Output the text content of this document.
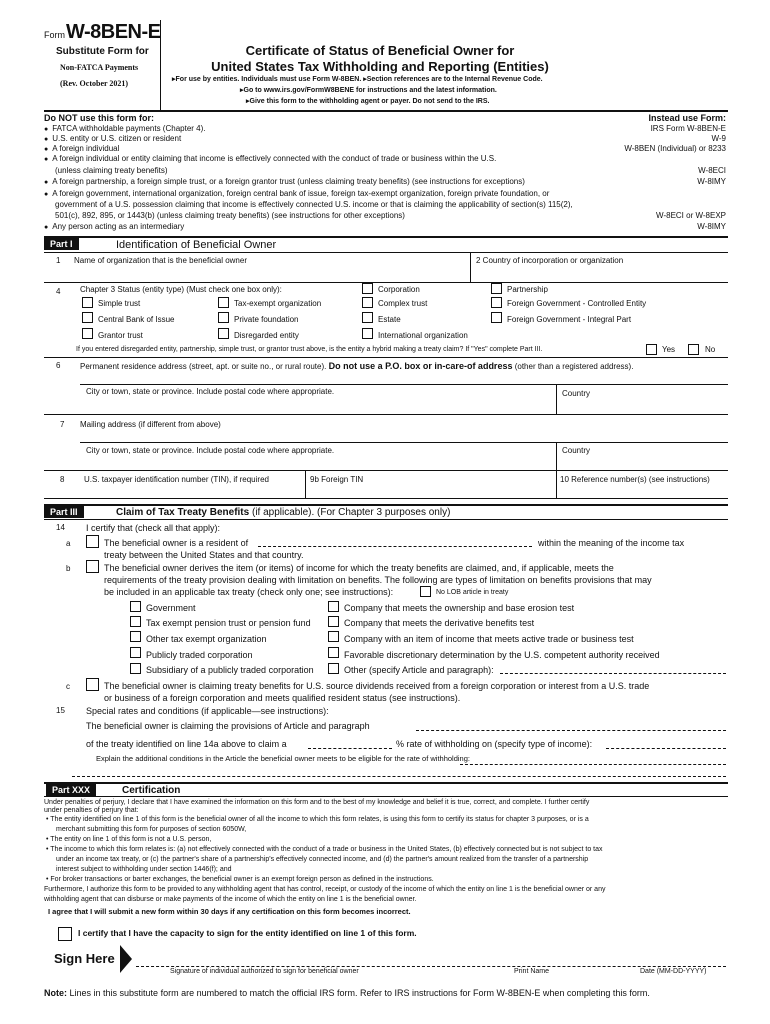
Form W-8BEN-E
Substitute Form for
Non-FATCA Payments
(Rev. October 2021)
Certificate of Status of Beneficial Owner for
United States Tax Withholding and Reporting (Entities)
▸For use by entities. Individuals must use Form W-8BEN. ▸Section references are to the Internal Revenue Code.
▸Go to www.irs.gov/FormW8BENE for instructions and the latest information.
▸Give this form to the withholding agent or payer. Do not send to the IRS.
Do NOT use this form for:	Instead use Form:
● FATCA withholdable payments (Chapter 4).	IRS Form W-8BEN-E
● U.S. entity or U.S. citizen or resident	W-9
● A foreign individual	W-8BEN (Individual) or 8233
● A foreign individual or entity claiming that income is effectively connected with the conduct of trade or business within the U.S.
(unless claiming treaty benefits)	W-8ECI
● A foreign partnership, a foreign simple trust, or a foreign grantor trust (unless claiming treaty benefits) (see instructions for exceptions)	W-8IMY
● A foreign government, international organization, foreign central bank of issue, foreign tax-exempt organization, foreign private foundation, or
government of a U.S. possession claiming that income is effectively connected U.S. income or that is claiming the applicability of section(s) 115(2),
501(c), 892, 895, or 1443(b) (unless claiming treaty benefits) (see instructions for other exceptions)	W-8ECI or W-8EXP
● Any person acting as an intermediary	W-8IMY
Part I	Identification of Beneficial Owner
1 Name of organization that is the beneficial owner	2 Country of incorporation or organization
4 Chapter 3 Status (entity type) (Must check one box only):	Corporation	Partnership
Simple trust	Tax-exempt organization	Complex trust	Foreign Government - Controlled Entity
Central Bank of Issue	Private foundation	Estate	Foreign Government - Integral Part
Grantor trust	Disregarded entity	International organization
If you entered disregarded entity, partnership, simple trust, or grantor trust above, is the entity a hybrid making a treaty claim? If "Yes" complete Part III.	Yes	No
6 Permanent residence address (street, apt. or suite no., or rural route). Do not use a P.O. box or in-care-of address (other than a registered address).
City or town, state or province. Include postal code where appropriate.	Country
7 Mailing address (if different from above)
City or town, state or province. Include postal code where appropriate.	Country
8 U.S. taxpayer identification number (TIN), if required	9b Foreign TIN	10 Reference number(s) (see instructions)
Part III	Claim of Tax Treaty Benefits (if applicable). (For Chapter 3 purposes only)
14 I certify that (check all that apply):
a	The beneficial owner is a resident of	within the meaning of the income tax
treaty between the United States and that country.
b	The beneficial owner derives the item (or items) of income for which the treaty benefits are claimed, and, if applicable, meets the
requirements of the treaty provision dealing with limitation on benefits. The following are types of limitation on benefits provisions that may
be included in an applicable tax treaty (check only one; see instructions):	No LOB article in treaty
Government	Company that meets the ownership and base erosion test
Tax exempt pension trust or pension fund	Company that meets the derivative benefits test
Other tax exempt organization	Company with an item of income that meets active trade or business test
Publicly traded corporation	Favorable discretionary determination by the U.S. competent authority received
Subsidiary of a publicly traded corporation	Other (specify Article and paragraph):
c	The beneficial owner is claiming treaty benefits for U.S. source dividends received from a foreign corporation or interest from a U.S. trade
or business of a foreign corporation and meets qualified resident status (see instructions).
15 Special rates and conditions (if applicable—see instructions):
The beneficial owner is claiming the provisions of Article and paragraph
of the treaty identified on line 14a above to claim a	% rate of withholding on (specify type of income):
Explain the additional conditions in the Article the beneficial owner meets to be eligible for the rate of withholding:
Part XXX	Certification
Under penalties of perjury, I declare that I have examined the information on this form and to the best of my knowledge and belief it is true, correct, and complete. I further certify
under penalties of perjury that:
• The entity identified on line 1 of this form is the beneficial owner of all the income to which this form relates, is using this form to certify its status for chapter 3 purposes, or is a
merchant submitting this form for purposes of section 6050W,
• The entity on line 1 of this form is not a U.S. person,
• The income to which this form relates is: (a) not effectively connected with the conduct of a trade or business in the United States, (b) effectively connected but is not subject to tax
under an income tax treaty, or (c) the partner's share of a partnership's effectively connected income, and (d) the partner's amount realized from the transfer of a partnership
interest subject to withholding under section 1446(f); and
• For broker transactions or barter exchanges, the beneficial owner is an exempt foreign person as defined in the instructions.
Furthermore, I authorize this form to be provided to any withholding agent that has control, receipt, or custody of the income of which the entity on line 1 is the beneficial owner or any
withholding agent that can disburse or make payments of the income of which the entity on line 1 is the beneficial owner.
I agree that I will submit a new form within 30 days if any certification on this form becomes incorrect.
I certify that I have the capacity to sign for the entity identified on line 1 of this form.
Sign Here
Signature of individual authorized to sign for beneficial owner	Print Name	Date (MM-DD-YYYY)
Note: Lines in this substitute form are numbered to match the official IRS form. Refer to IRS instructions for Form W-8BEN-E when completing this form.
